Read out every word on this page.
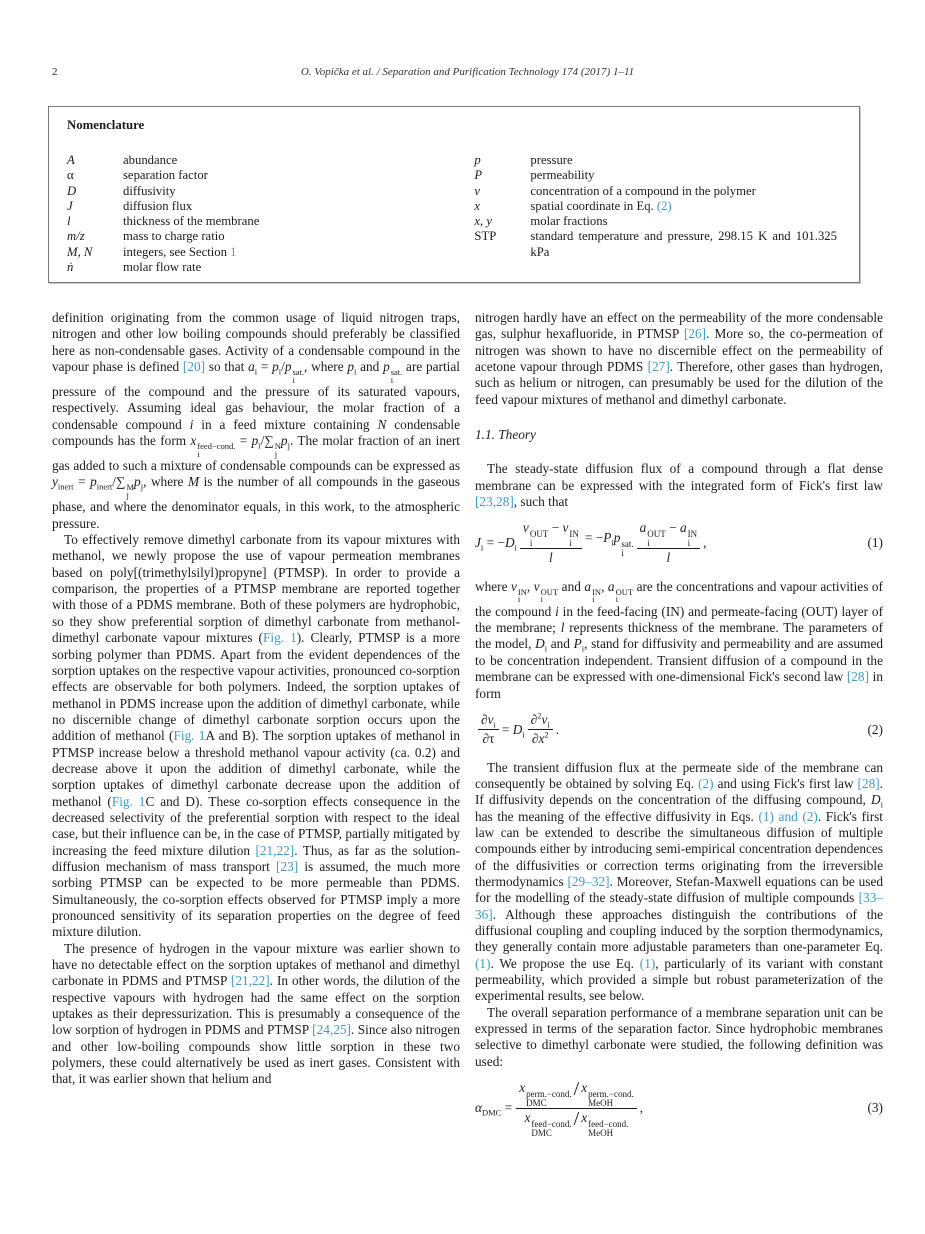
2	O. Vopička et al. / Separation and Purification Technology 174 (2017) 1–11
Nomenclature
A	abundance
α	separation factor
D	diffusivity
J	diffusion flux
l	thickness of the membrane
m/z	mass to charge ratio
M, N	integers, see Section 1
ṅ	molar flow rate
p	pressure
P	permeability
v	concentration of a compound in the polymer
x	spatial coordinate in Eq. (2)
x, y	molar fractions
STP	standard temperature and pressure, 298.15 K and 101.325 kPa

definition originating from the common usage of liquid nitrogen traps, nitrogen and other low boiling compounds should preferably be classified here as non-condensable gases. Activity of a condensable compound in the vapour phase is defined [20] so that $a_i = p_i/p$ sat.
i
, where $p_i$ and p sat.
i
are partial pressure of the compound and the pressure of its saturated vapours, respectively. Assuming ideal gas behaviour, the molar fraction of a condensable compound i in a feed mixture containing N condensable compounds has the form x feed−cond.
i
= $p_i/\sum$ N
j
$p_j$. The molar fraction of an inert gas added to such a mixture of condensable compounds can be expressed as $y_{inert} = p_{inert}/\sum$ M
j
$p_j$, where M is the number of all compounds in the gaseous phase, and where the denominator equals, in this work, to the atmospheric pressure.

To effectively remove dimethyl carbonate from its vapour mixtures with methanol, we newly propose the use of vapour permeation membranes based on poly[(trimethylsilyl)propyne] (PTMSP). In order to provide a comparison, the properties of a PTMSP membrane are reported together with those of a PDMS membrane. Both of these polymers are hydrophobic, so they show preferential sorption of dimethyl carbonate from methanol-dimethyl carbonate vapour mixtures (Fig. 1). Clearly, PTMSP is a more sorbing polymer than PDMS. Apart from the evident dependences of the sorption uptakes on the respective vapour activities, pronounced co-sorption effects are observable for both polymers. Indeed, the sorption uptakes of methanol in PDMS increase upon the addition of dimethyl carbonate, while no discernible change of dimethyl carbonate sorption occurs upon the addition of methanol (Fig. 1A and B). The sorption uptakes of methanol in PTMSP increase below a threshold methanol vapour activity (ca. 0.2) and decrease above it upon the addition of dimethyl carbonate, while the sorption uptakes of dimethyl carbonate decrease upon the addition of methanol (Fig. 1C and D). These co-sorption effects consequence in the decreased selectivity of the preferential sorption with respect to the ideal case, but their influence can be, in the case of PTMSP, partially mitigated by increasing the feed mixture dilution [21,22]. Thus, as far as the solution-diffusion mechanism of mass transport [23] is assumed, the much more sorbing PTMSP can be expected to be more permeable than PDMS. Simultaneously, the co-sorption effects observed for PTMSP imply a more pronounced sensitivity of its separation properties on the degree of feed mixture dilution.

The presence of hydrogen in the vapour mixture was earlier shown to have no detectable effect on the sorption uptakes of methanol and dimethyl carbonate in PDMS and PTMSP [21,22]. In other words, the dilution of the respective vapours with hydrogen had the same effect on the sorption uptakes as their depressurization. This is presumably a consequence of the low sorption of hydrogen in PDMS and PTMSP [24,25]. Since also nitrogen and other low-boiling compounds show little sorption in these two polymers, these could alternatively be used as inert gases. Consistent with that, it was earlier shown that helium and

nitrogen hardly have an effect on the permeability of the more condensable gas, sulphur hexafluoride, in PTMSP [26]. More so, the co-permeation of nitrogen was shown to have no discernible effect on the permeability of acetone vapour through PDMS [27]. Therefore, other gases than hydrogen, such as helium or nitrogen, can presumably be used for the dilution of the feed vapour mixtures of methanol and dimethyl carbonate.

1.1. Theory

The steady-state diffusion flux of a compound through a flat dense membrane can be expressed with the integrated form of Fick's first law [23,28], such that

$J_i = -D_i$ v OUT
i
− v IN
i
$l = -P_ip$ sat.
i a OUT
i
− a IN
i
l ,	(1)

where v IN
i
, v OUT
i
and a IN
i
, a OUT
i
are the concentrations and vapour activities of the compound i in the feed-facing (IN) and permeate-facing (OUT) layer of the membrane; l represents thickness of the membrane. The parameters of the model, $D_i$ and $P_i$, stand for diffusivity and permeability and are assumed to be concentration independent. Transient diffusion of a compound in the membrane can be expressed with one-dimensional Fick's second law [28] in form

$\frac{\partial v_i}{\partial\tau} = D_i \frac{\partial^2v_i}{\partial x^2}$ .	(2)

The transient diffusion flux at the permeate side of the membrane can consequently be obtained by solving Eq. (2) and using Fick's first law [28]. If diffusivity depends on the concentration of the diffusing compound, $D_i$ has the meaning of the effective diffusivity in Eqs. (1) and (2). Fick's first law can be extended to describe the simultaneous diffusion of multiple compounds either by introducing semi-empirical concentration dependences of the diffusivities or correction terms originating from the irreversible thermodynamics [29–32]. Moreover, Stefan-Maxwell equations can be used for the modelling of the steady-state diffusion of multiple compounds [33–36]. Although these approaches distinguish the contributions of the diffusional coupling and coupling induced by the sorption thermodynamics, they generally contain more adjustable parameters than one-parameter Eq. (1). We propose the use Eq. (1), particularly of its variant with constant permeability, which provided a simple but robust parameterization of the experimental results, see below.

The overall separation performance of a membrane separation unit can be expressed in terms of the separation factor. Since hydrophobic membranes selective to dimethyl carbonate were studied, the following definition was used:

$\alpha_{DMC} = x$ perm.−cond.
DMC
/ x perm.−cond.
MeOH
x feed−cond.
DMC
/ x feed−cond.
MeOH ,	(3)
